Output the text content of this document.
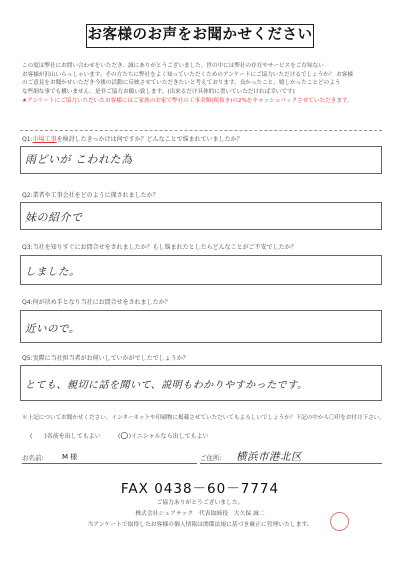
お客様のお声をお聞かせください
この度は弊社にお問い合わせをいただき、誠にありがとうございました。世の中には弊社の存在やサービスをご存知ない
お客様が沢山いらっしゃいます。その方たちに弊社をよく知っていただくためのアンケートにご協力いただけるでしょうか？ お客様
のご意見をお聞かせいただき今後の活動に反映させていただきたいと考えております。良かったこと、嬉しかったことどのよう
な些細な事でも構いません。是非ご協力お願い致します。(出来るだけ具体的に書いていただければ幸いです)
★アンケートにご協力いただいたお客様にはご家族のお家で弊社の工事金額(税抜き)の2%をキャッシュバックさせていただきます。
Q1:市場工事を検討したきっかけは何ですか？どんなことで悩まれていましたか？
雨どいが こわれた為
Q2:業者や工事会社をどのように探されましたか？
妹の紹介で
Q3:当社を知りすぐにお問合せをされましたか？もし悩まれたとしたらどんなことがご不安でしたか？
しました。
Q4:何が決め手となり当社にお問合せをされましたか？
近いので。
Q5:実際に当社担当者がお伺いしていかがでしたでしょうか？
とても、親切に話を聞いて、説明もわかりやすかったです。
＊上記についてお聞かせください。インターネットや印刷物に掲載させていただいてもよろしいでしょうか？下記の中から〇印をお付け下さい。
(　　)名前を出してもよい	(○)イニシャルなら出してもよい
お名前:	M 様	ご住所: 横浜市港北区
FAX 0438－60－7774
ご協力ありがとうございました。
株式会社シェアテック　代表取締役　大久保 誠二
当アンケートで取得したお客様の個人情報は関係法規に基づき厳正に管理いたします。
